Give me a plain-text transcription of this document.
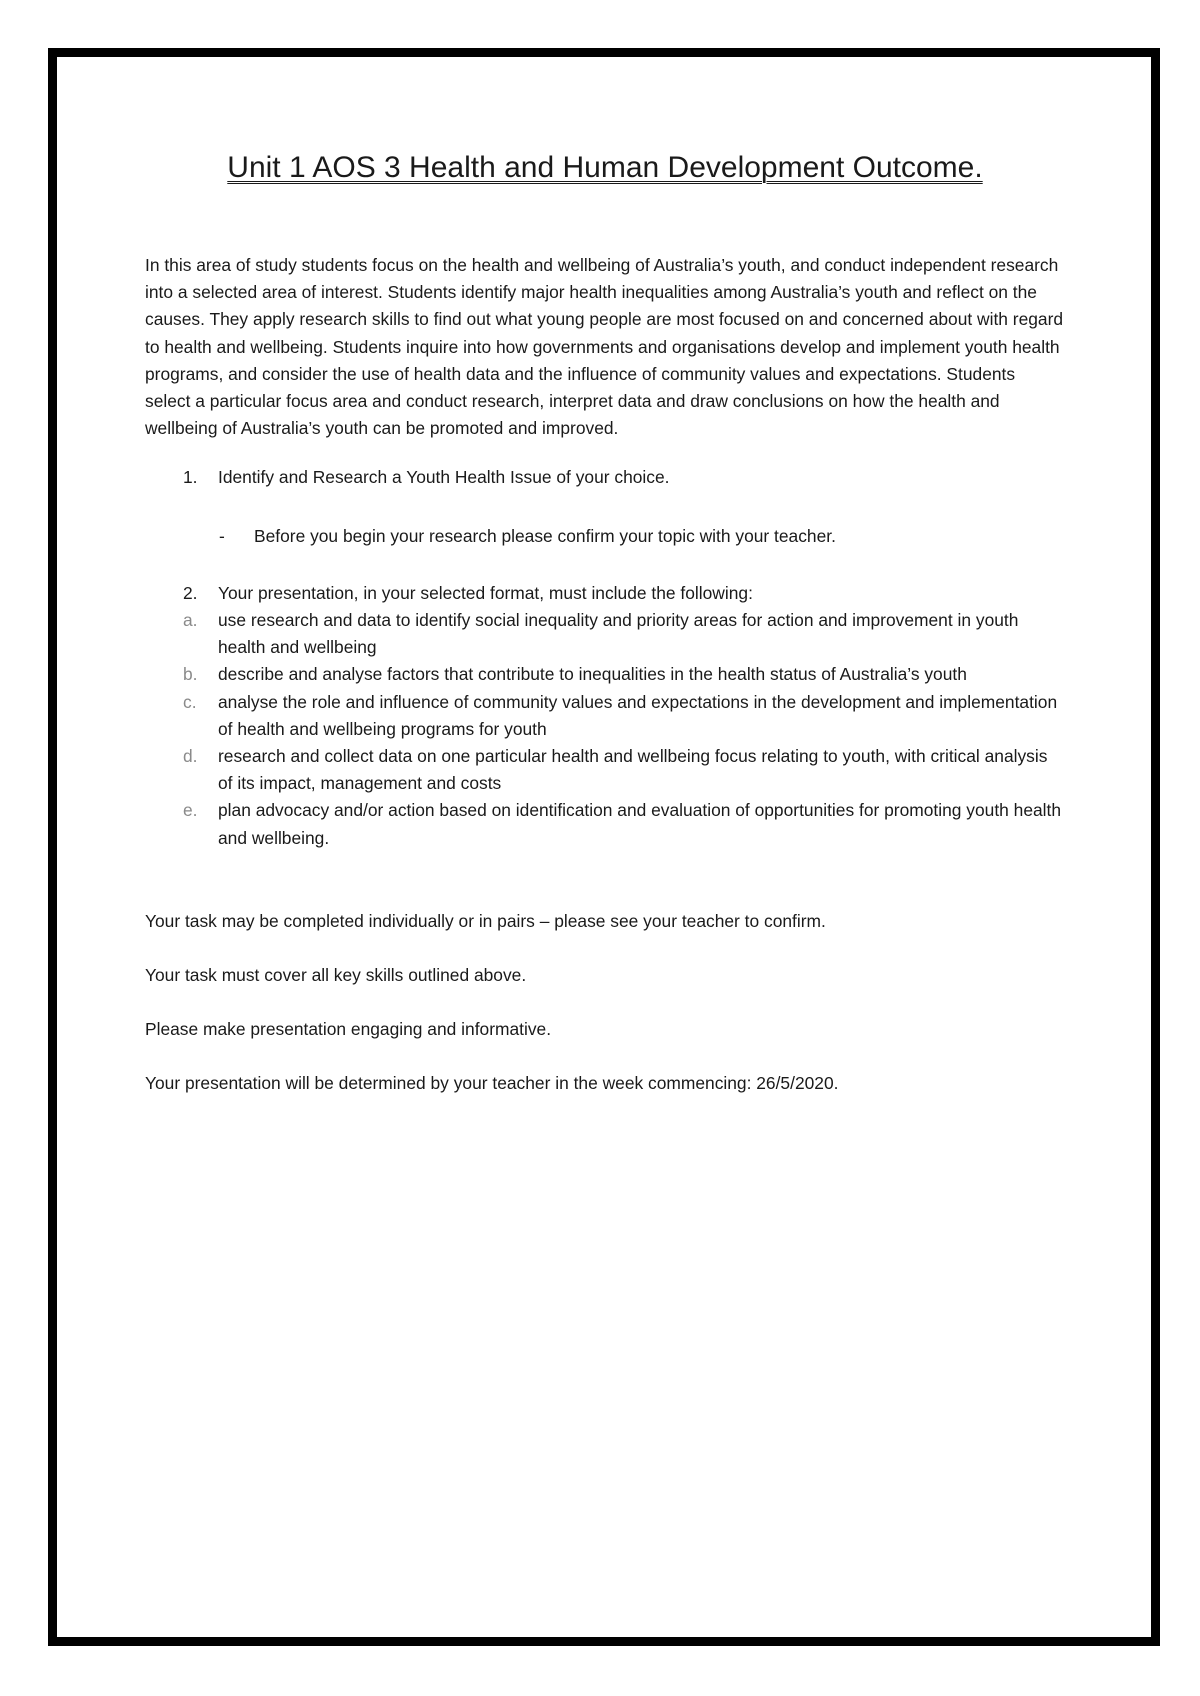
Unit 1 AOS 3 Health and Human Development Outcome.

In this area of study students focus on the health and wellbeing of Australia’s youth, and conduct independent research into a selected area of interest. Students identify major health inequalities among Australia’s youth and reflect on the causes. They apply research skills to find out what young people are most focused on and concerned about with regard to health and wellbeing. Students inquire into how governments and organisations develop and implement youth health programs, and consider the use of health data and the influence of community values and expectations. Students select a particular focus area and conduct research, interpret data and draw conclusions on how the health and wellbeing of Australia’s youth can be promoted and improved.

1. Identify and Research a Youth Health Issue of your choice.

- Before you begin your research please confirm your topic with your teacher.

2. Your presentation, in your selected format, must include the following:
a. use research and data to identify social inequality and priority areas for action and improvement in youth health and wellbeing
b. describe and analyse factors that contribute to inequalities in the health status of Australia’s youth
c. analyse the role and influence of community values and expectations in the development and implementation of health and wellbeing programs for youth
d. research and collect data on one particular health and wellbeing focus relating to youth, with critical analysis of its impact, management and costs
e. plan advocacy and/or action based on identification and evaluation of opportunities for promoting youth health and wellbeing.

Your task may be completed individually or in pairs – please see your teacher to confirm.

Your task must cover all key skills outlined above.

Please make presentation engaging and informative.

Your presentation will be determined by your teacher in the week commencing: 26/5/2020.
